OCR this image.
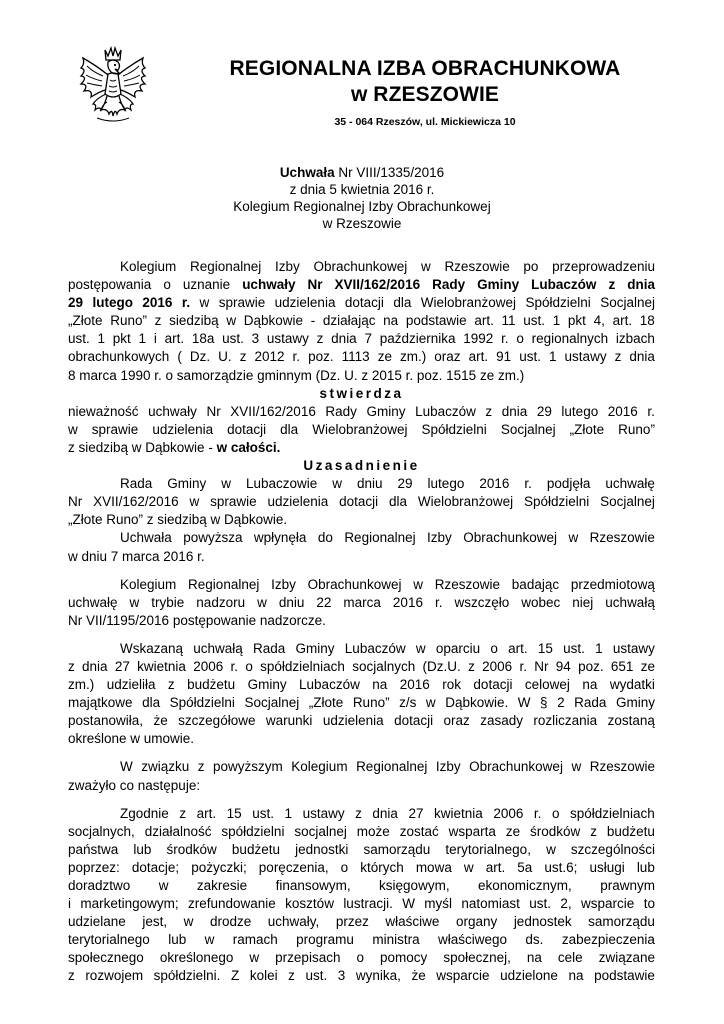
REGIONALNA IZBA OBRACHUNKOWA
w RZESZOWIE
35 - 064 Rzeszów, ul. Mickiewicza 10
Uchwała Nr VIII/1335/2016
z dnia 5 kwietnia 2016 r.
Kolegium Regionalnej Izby Obrachunkowej
w Rzeszowie
Kolegium Regionalnej Izby Obrachunkowej w Rzeszowie po przeprowadzeniu
postępowania o uznanie uchwały Nr XVII/162/2016 Rady Gminy Lubaczów z dnia
29 lutego 2016 r. w sprawie udzielenia dotacji dla Wielobranżowej Spółdzielni Socjalnej
„Złote Runo” z siedzibą w Dąbkowie - działając na podstawie art. 11 ust. 1 pkt 4, art. 18
ust. 1 pkt 1 i art. 18a ust. 3 ustawy z dnia 7 października 1992 r. o regionalnych izbach
obrachunkowych ( Dz. U. z 2012 r. poz. 1113 ze zm.) oraz art. 91 ust. 1 ustawy z dnia
8 marca 1990 r. o samorządzie gminnym (Dz. U. z 2015 r. poz. 1515 ze zm.)
stwierdza
nieważność uchwały Nr XVII/162/2016 Rady Gminy Lubaczów z dnia 29 lutego 2016 r.
w sprawie udzielenia dotacji dla Wielobranżowej Spółdzielni Socjalnej „Złote Runo”
z siedzibą w Dąbkowie - w całości.
Uzasadnienie
Rada Gminy w Lubaczowie w dniu 29 lutego 2016 r. podjęła uchwałę
Nr XVII/162/2016 w sprawie udzielenia dotacji dla Wielobranżowej Spółdzielni Socjalnej
„Złote Runo” z siedzibą w Dąbkowie.
Uchwała powyższa wpłynęła do Regionalnej Izby Obrachunkowej w Rzeszowie
w dniu 7 marca 2016 r.
Kolegium Regionalnej Izby Obrachunkowej w Rzeszowie badając przedmiotową
uchwałę w trybie nadzoru w dniu 22 marca 2016 r. wszczęło wobec niej uchwałą
Nr VII/1195/2016 postępowanie nadzorcze.
Wskazaną uchwałą Rada Gminy Lubaczów w oparciu o art. 15 ust. 1 ustawy
z dnia 27 kwietnia 2006 r. o spółdzielniach socjalnych (Dz.U. z 2006 r. Nr 94 poz. 651 ze
zm.) udzieliła z budżetu Gminy Lubaczów na 2016 rok dotacji celowej na wydatki
majątkowe dla Spółdzielni Socjalnej „Złote Runo” z/s w Dąbkowie. W § 2 Rada Gminy
postanowiła, że szczegółowe warunki udzielenia dotacji oraz zasady rozliczania zostaną
określone w umowie.
W związku z powyższym Kolegium Regionalnej Izby Obrachunkowej w Rzeszowie
zważyło co następuje:
Zgodnie z art. 15 ust. 1 ustawy z dnia 27 kwietnia 2006 r. o spółdzielniach
socjalnych, działalność spółdzielni socjalnej może zostać wsparta ze środków z budżetu
państwa lub środków budżetu jednostki samorządu terytorialnego, w szczególności
poprzez: dotacje; pożyczki; poręczenia, o których mowa w art. 5a ust.6; usługi lub
doradztwo w zakresie finansowym, księgowym, ekonomicznym, prawnym
i marketingowym; zrefundowanie kosztów lustracji. W myśl natomiast ust. 2, wsparcie to
udzielane jest, w drodze uchwały, przez właściwe organy jednostek samorządu
terytorialnego lub w ramach programu ministra właściwego ds. zabezpieczenia
społecznego określonego w przepisach o pomocy społecznej, na cele związane
z rozwojem spółdzielni. Z kolei z ust. 3 wynika, że wsparcie udzielone na podstawie
